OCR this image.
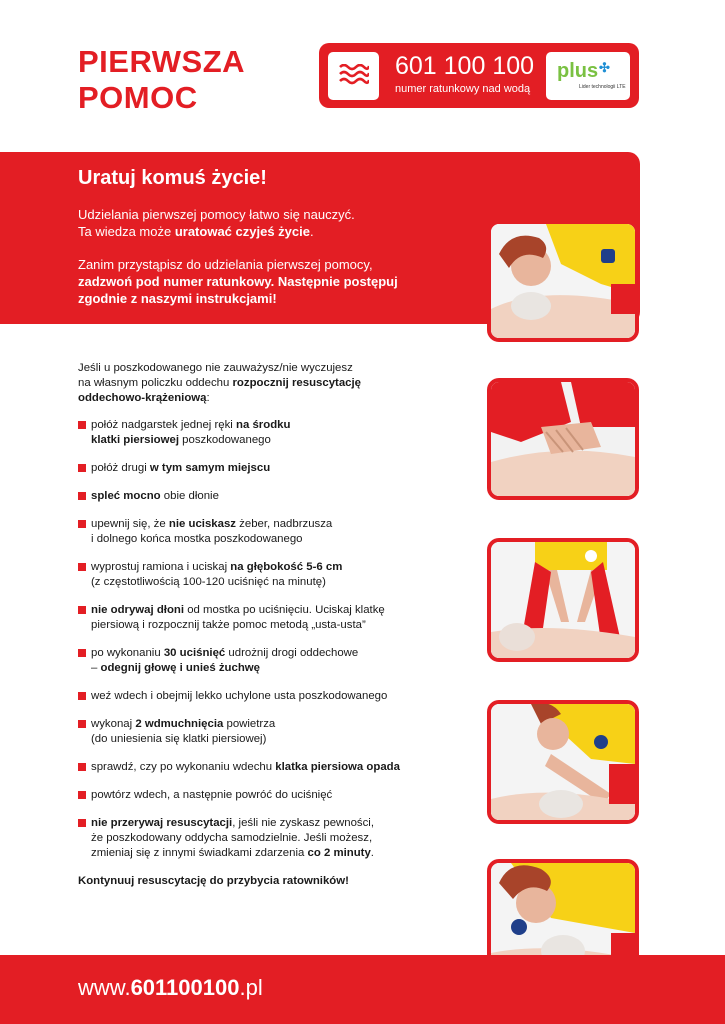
PIERWSZA
POMOC
601 100 100
numer ratunkowy nad wodą
plus ✣
Lider technologii LTE
Uratuj komuś życie!
Udzielania pierwszej pomocy łatwo się nauczyć.
Ta wiedza może uratować czyjeś życie.
Zanim przystąpisz do udzielania pierwszej pomocy,
zadzwoń pod numer ratunkowy. Następnie postępuj
zgodnie z naszymi instrukcjami!

Jeśli u poszkodowanego nie zauważysz/nie wyczujesz
na własnym policzku oddechu rozpocznij resuscytację
oddechowo-krążeniową:

połóż nadgarstek jednej ręki na środku
klatki piersiowej poszkodowanego
połóż drugi w tym samym miejscu
spleć mocno obie dłonie
upewnij się, że nie uciskasz żeber, nadbrzusza
i dolnego końca mostka poszkodowanego
wyprostuj ramiona i uciskaj na głębokość 5-6 cm
(z częstotliwością 100-120 uciśnięć na minutę)
nie odrywaj dłoni od mostka po uciśnięciu. Uciskaj klatkę
piersiową i rozpocznij także pomoc metodą „usta-usta”
po wykonaniu 30 uciśnięć udrożnij drogi oddechowe
– odegnij głowę i unieś żuchwę
weź wdech i obejmij lekko uchylone usta poszkodowanego
wykonaj 2 wdmuchnięcia powietrza
(do uniesienia się klatki piersiowej)
sprawdź, czy po wykonaniu wdechu klatka piersiowa opada
powtórz wdech, a następnie powróć do uciśnięć
nie przerywaj resuscytacji, jeśli nie zyskasz pewności,
że poszkodowany oddycha samodzielnie. Jeśli możesz,
zmieniaj się z innymi świadkami zdarzenia co 2 minuty.

Kontynuuj resuscytację do przybycia ratowników!

www.601100100.pl
